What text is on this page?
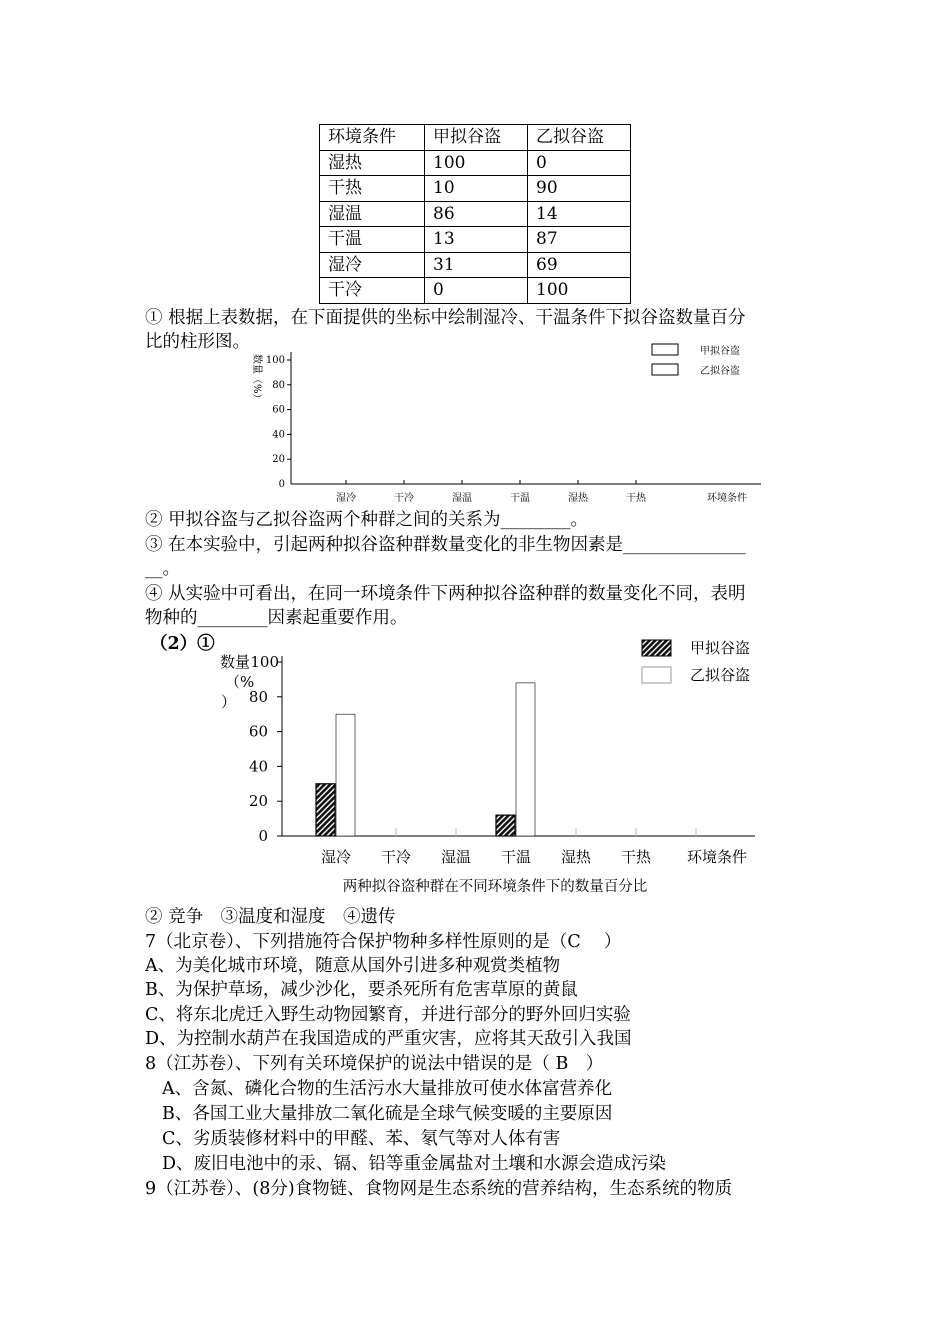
环境条件	甲拟谷盗	乙拟谷盗
湿热	100	0
干热	10	90
湿温	86	14
干温	13	87
湿冷	31	69
干冷	0	100
① 根据上表数据，在下面提供的坐标中绘制湿冷、干温条件下拟谷盗数量百分
比的柱形图。
100
80
60
40
20
0
数量（%）
湿冷	干冷	湿温	干温	湿热	干热	环境条件
甲拟谷盗
乙拟谷盗
② 甲拟谷盗与乙拟谷盗两个种群之间的关系为________。
③ 在本实验中，引起两种拟谷盗种群数量变化的非生物因素是______________
__。
④ 从实验中可看出，在同一环境条件下两种拟谷盗种群的数量变化不同，表明
物种的________因素起重要作用。
（2）①
100
80
60
40
20
0
数量
（%
）
湿冷 干冷 湿温 干温 湿热 干热 环境条件
甲拟谷盗
乙拟谷盗
两种拟谷盗种群在不同环境条件下的数量百分比
② 竞争　③温度和湿度　④遗传
7（北京卷）、下列措施符合保护物种多样性原则的是（C　 ）
A、为美化城市环境，随意从国外引进多种观赏类植物
B、为保护草场，减少沙化，要杀死所有危害草原的黄鼠
C、将东北虎迁入野生动物园繁育，并进行部分的野外回归实验
D、为控制水葫芦在我国造成的严重灾害，应将其天敌引入我国
8（江苏卷）、下列有关环境保护的说法中错误的是（ B　）
A、含氮、磷化合物的生活污水大量排放可使水体富营养化
B、各国工业大量排放二氧化硫是全球气候变暖的主要原因
C、劣质装修材料中的甲醛、苯、氡气等对人体有害
D、废旧电池中的汞、镉、铅等重金属盐对土壤和水源会造成污染
9（江苏卷）、(8分)食物链、食物网是生态系统的营养结构，生态系统的物质
